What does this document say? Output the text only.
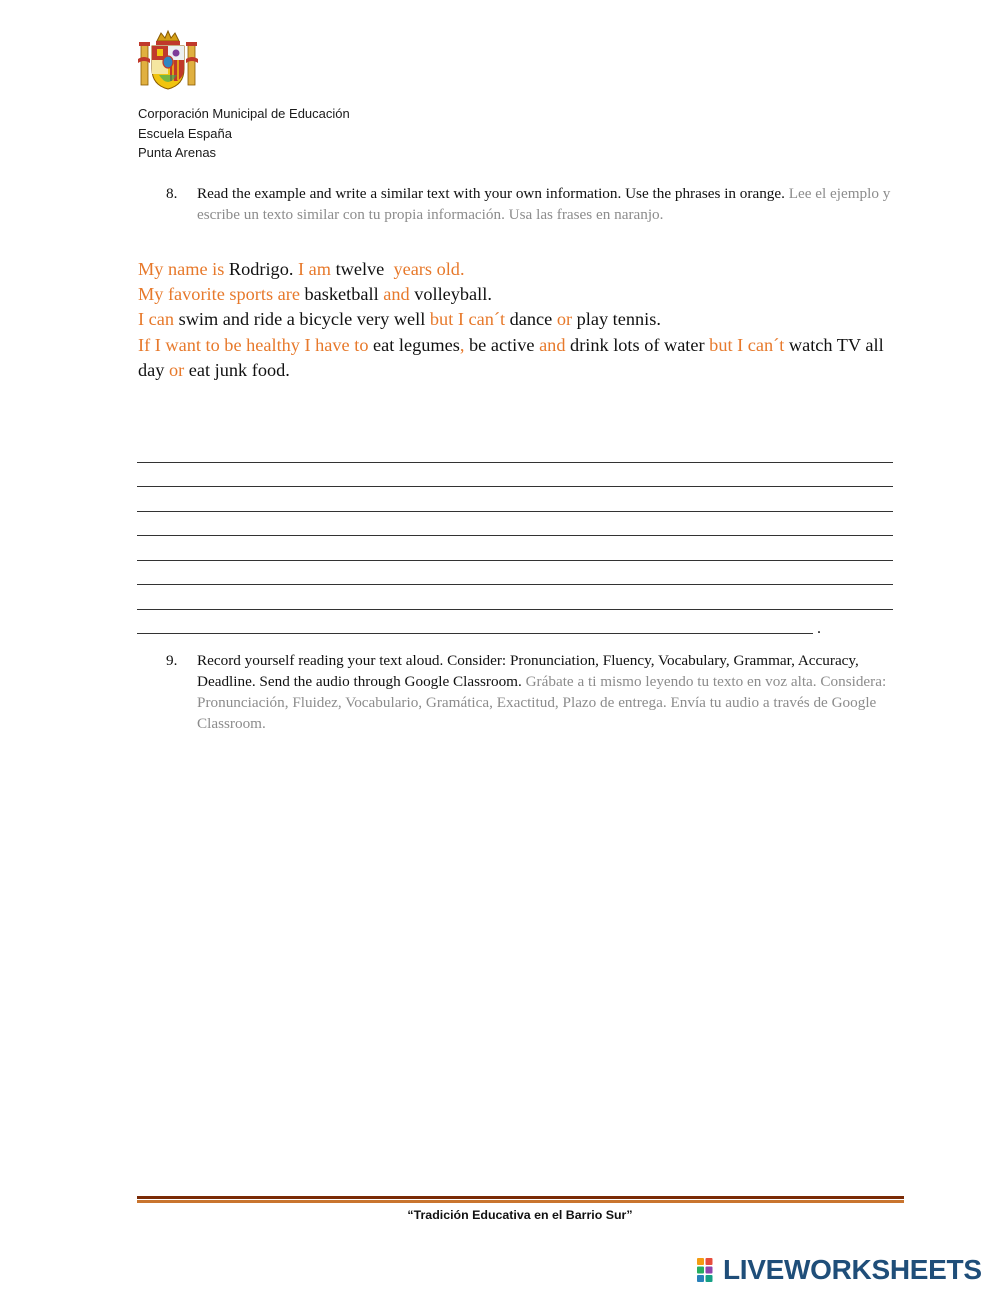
Corporación Municipal de Educación
Escuela España
Punta Arenas
8.	Read the example and write a similar text with your own information. Use the phrases in orange. Lee el ejemplo y escribe un texto similar con tu propia información. Usa las frases en naranjo.
My name is Rodrigo. I am twelve years old.
My favorite sports are basketball and volleyball.
I can swim and ride a bicycle very well but I can´t dance or play tennis.
If I want to be healthy I have to eat legumes, be active and drink lots of water but I can´t watch TV all day or eat junk food.
.
9.	Record yourself reading your text aloud. Consider: Pronunciation, Fluency, Vocabulary, Grammar, Accuracy, Deadline. Send the audio through Google Classroom. Grábate a ti mismo leyendo tu texto en voz alta. Considera: Pronunciación, Fluidez, Vocabulario, Gramática, Exactitud, Plazo de entrega. Envía tu audio a través de Google Classroom.
“Tradición Educativa en el Barrio Sur”
LIVEWORKSHEETS
